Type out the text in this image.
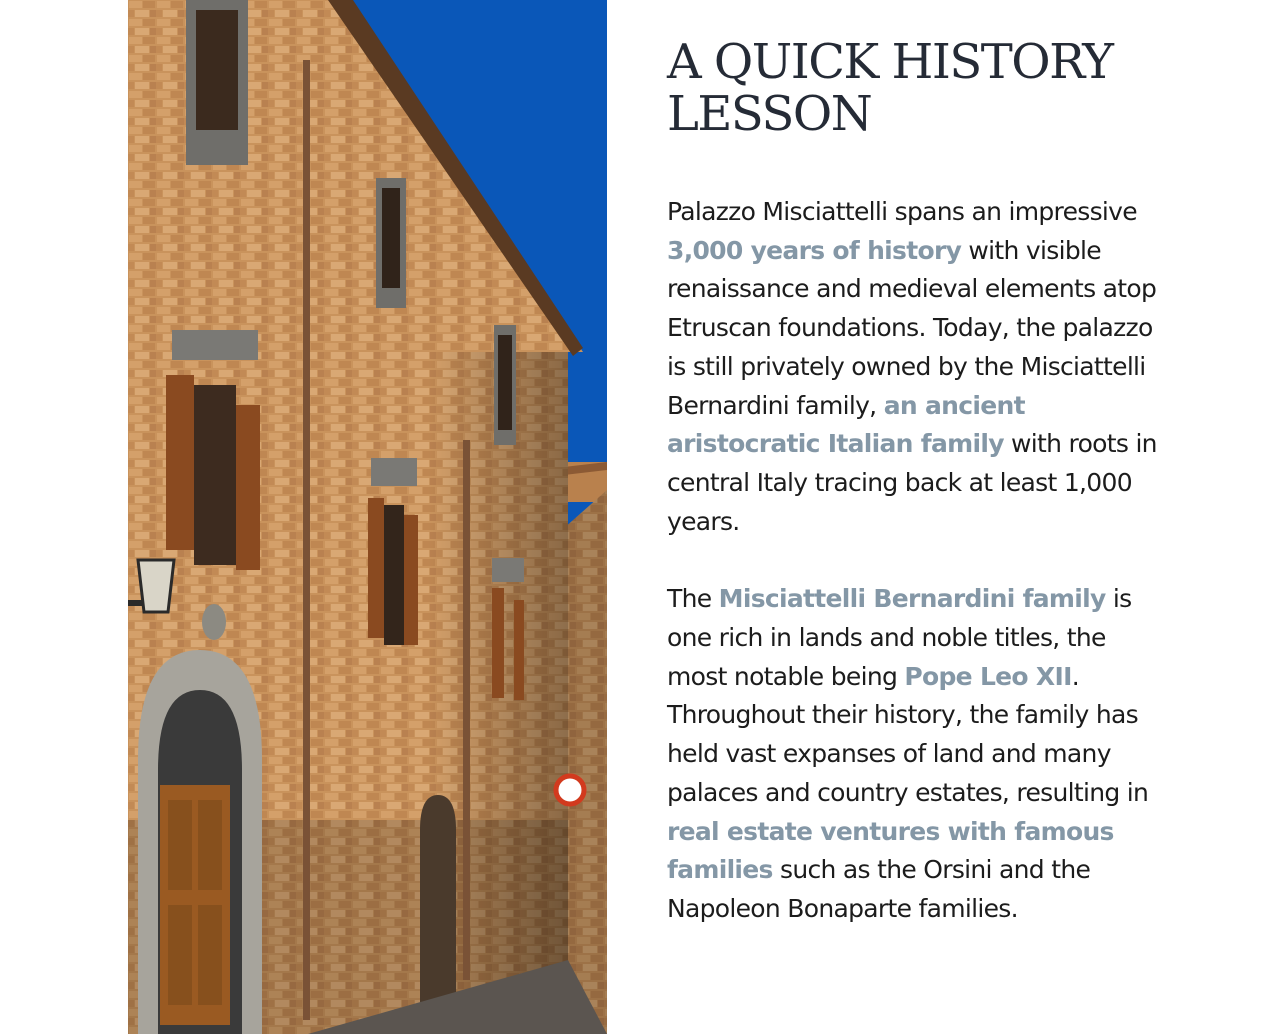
A QUICK HISTORY
LESSON

Palazzo Misciattelli spans an impressive 3,000 years of history with visible renaissance and medieval elements atop Etruscan foundations. Today, the palazzo is still privately owned by the Misciattelli Bernardini family, an ancient aristocratic Italian family with roots in central Italy tracing back at least 1,000 years.

The Misciattelli Bernardini family is one rich in lands and noble titles, the most notable being Pope Leo XII. Throughout their history, the family has held vast expanses of land and many palaces and country estates, resulting in real estate ventures with famous families such as the Orsini and the Napoleon Bonaparte families.
